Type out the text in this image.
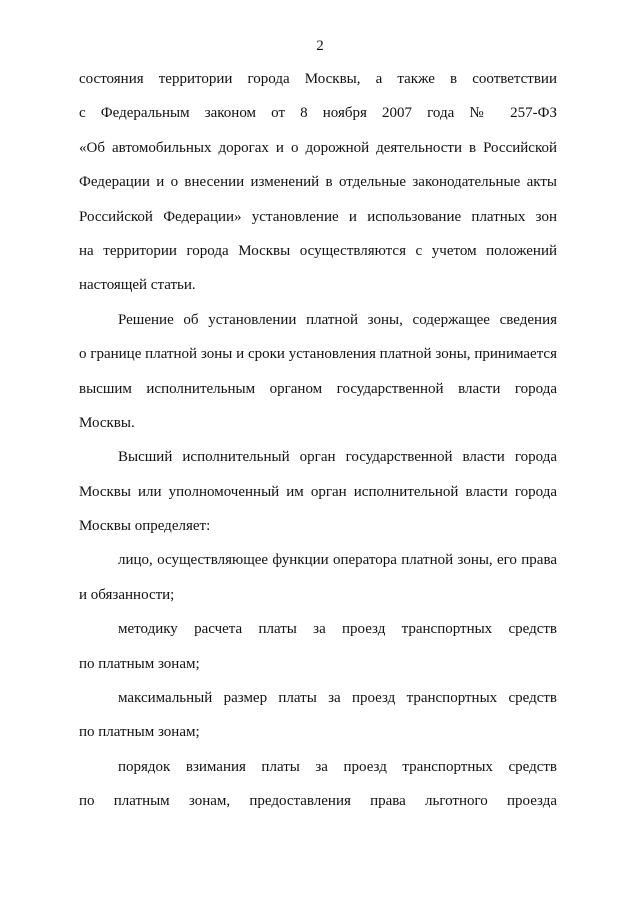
2
состояния территории города Москвы, а также в соответствии
с Федеральным законом от 8 ноября 2007 года № 257-ФЗ
«Об автомобильных дорогах и о дорожной деятельности в Российской
Федерации и о внесении изменений в отдельные законодательные акты
Российской Федерации» установление и использование платных зон
на территории города Москвы осуществляются с учетом положений
настоящей статьи.
Решение об установлении платной зоны, содержащее сведения
о границе платной зоны и сроки установления платной зоны, принимается
высшим исполнительным органом государственной власти города
Москвы.
Высший исполнительный орган государственной власти города
Москвы или уполномоченный им орган исполнительной власти города
Москвы определяет:
лицо, осуществляющее функции оператора платной зоны, его права
и обязанности;
методику расчета платы за проезд транспортных средств
по платным зонам;
максимальный размер платы за проезд транспортных средств
по платным зонам;
порядок взимания платы за проезд транспортных средств
по платным зонам, предоставления права льготного проезда
